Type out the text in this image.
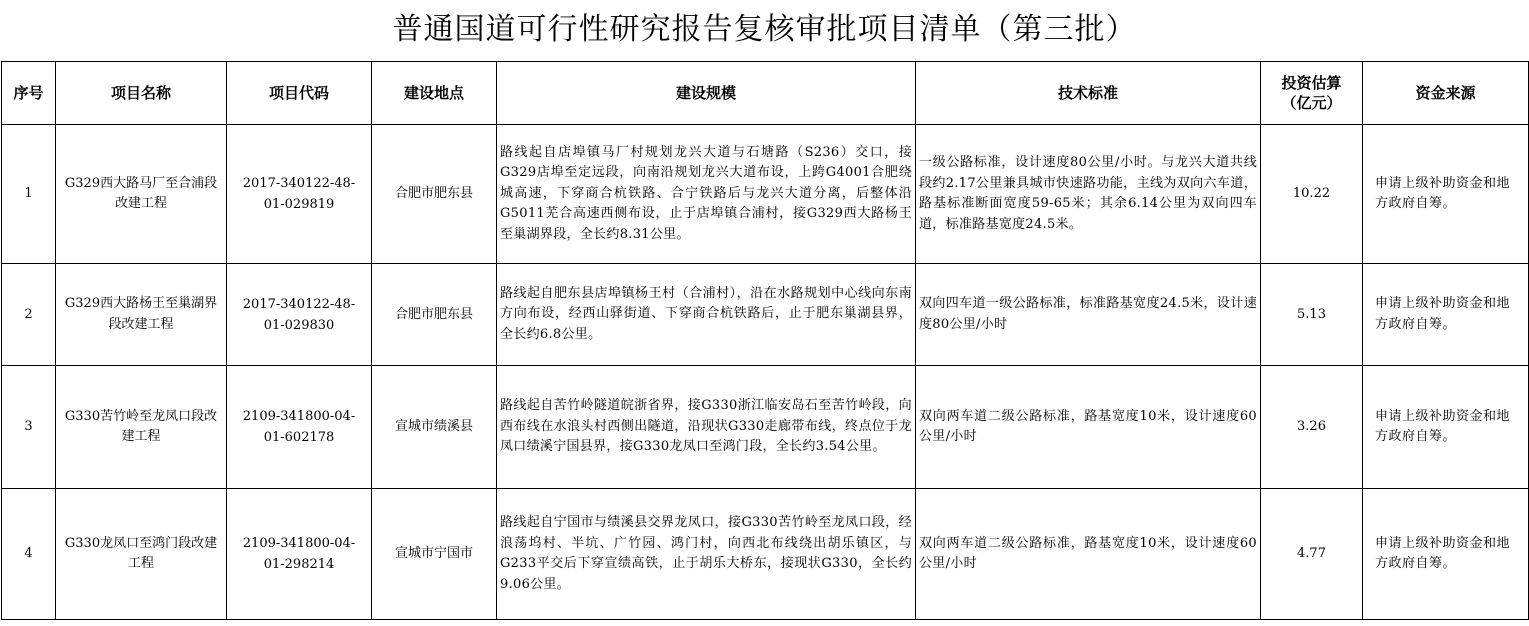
普通国道可行性研究报告复核审批项目清单（第三批）
序号	项目名称	项目代码	建设地点	建设规模	技术标准	投资估算（亿元）	资金来源
1	G329西大路马厂至合浦段改建工程	2017-340122-48-01-029819	合肥市肥东县	路线起自店埠镇马厂村规划龙兴大道与石塘路（S236）交口，接G329店埠至定远段，向南沿规划龙兴大道布设，上跨G4001合肥绕城高速，下穿商合杭铁路、合宁铁路后与龙兴大道分离，后整体沿G5011芜合高速西侧布设，止于店埠镇合浦村，接G329西大路杨王至巢湖界段，全长约8.31公里。	一级公路标准，设计速度80公里/小时。与龙兴大道共线段约2.17公里兼具城市快速路功能，主线为双向六车道，路基标准断面宽度59-65米；其余6.14公里为双向四车道，标准路基宽度24.5米。	10.22	申请上级补助资金和地方政府自筹。
2	G329西大路杨王至巢湖界段改建工程	2017-340122-48-01-029830	合肥市肥东县	路线起自肥东县店埠镇杨王村（合浦村），沿在水路规划中心线向东南方向布设，经西山驿街道、下穿商合杭铁路后，止于肥东巢湖县界，全长约6.8公里。	双向四车道一级公路标准，标准路基宽度24.5米，设计速度80公里/小时	5.13	申请上级补助资金和地方政府自筹。
3	G330苦竹岭至龙凤口段改建工程	2109-341800-04-01-602178	宣城市绩溪县	路线起自苦竹岭隧道皖浙省界，接G330浙江临安岛石至苦竹岭段，向西布线在水浪头村西侧出隧道，沿现状G330走廊带布线，终点位于龙凤口绩溪宁国县界，接G330龙凤口至鸿门段，全长约3.54公里。	双向两车道二级公路标准，路基宽度10米，设计速度60公里/小时	3.26	申请上级补助资金和地方政府自筹。
4	G330龙凤口至鸿门段改建工程	2109-341800-04-01-298214	宣城市宁国市	路线起自宁国市与绩溪县交界龙凤口，接G330苦竹岭至龙凤口段，经浪荡坞村、半坑、广竹园、鸿门村，向西北布线绕出胡乐镇区，与G233平交后下穿宣绩高铁，止于胡乐大桥东，接现状G330，全长约9.06公里。	双向两车道二级公路标准，路基宽度10米，设计速度60公里/小时	4.77	申请上级补助资金和地方政府自筹。
